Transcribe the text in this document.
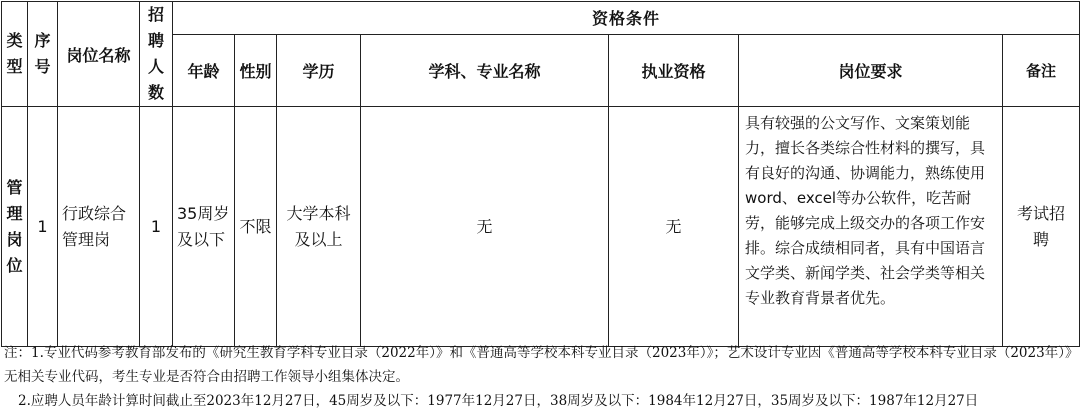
类型	序号	岗位名称	招聘人数	资格条件						
				年龄	性别	学历	学科、专业名称	执业资格	岗位要求	备注
管理岗位	1	行政综合管理岗	1	35周岁及以下	不限	大学本科及以上	无	无	具有较强的公文写作、文案策划能力，擅长各类综合性材料的撰写，具有良好的沟通、协调能力，熟练使用word、excel等办公软件，吃苦耐劳，能够完成上级交办的各项工作安排。综合成绩相同者，具有中国语言文学类、新闻学类、社会学类等相关专业教育背景者优先。	考试招聘

注：1.专业代码参考教育部发布的《研究生教育学科专业目录（2022年）》和《普通高等学校本科专业目录（2023年）》；艺术设计专业因《普通高等学校本科专业目录（2023年）》无相关专业代码，考生专业是否符合由招聘工作领导小组集体决定。

2.应聘人员年龄计算时间截止至2023年12月27日，45周岁及以下：1977年12月27日，38周岁及以下：1984年12月27日，35周岁及以下：1987年12月27日
